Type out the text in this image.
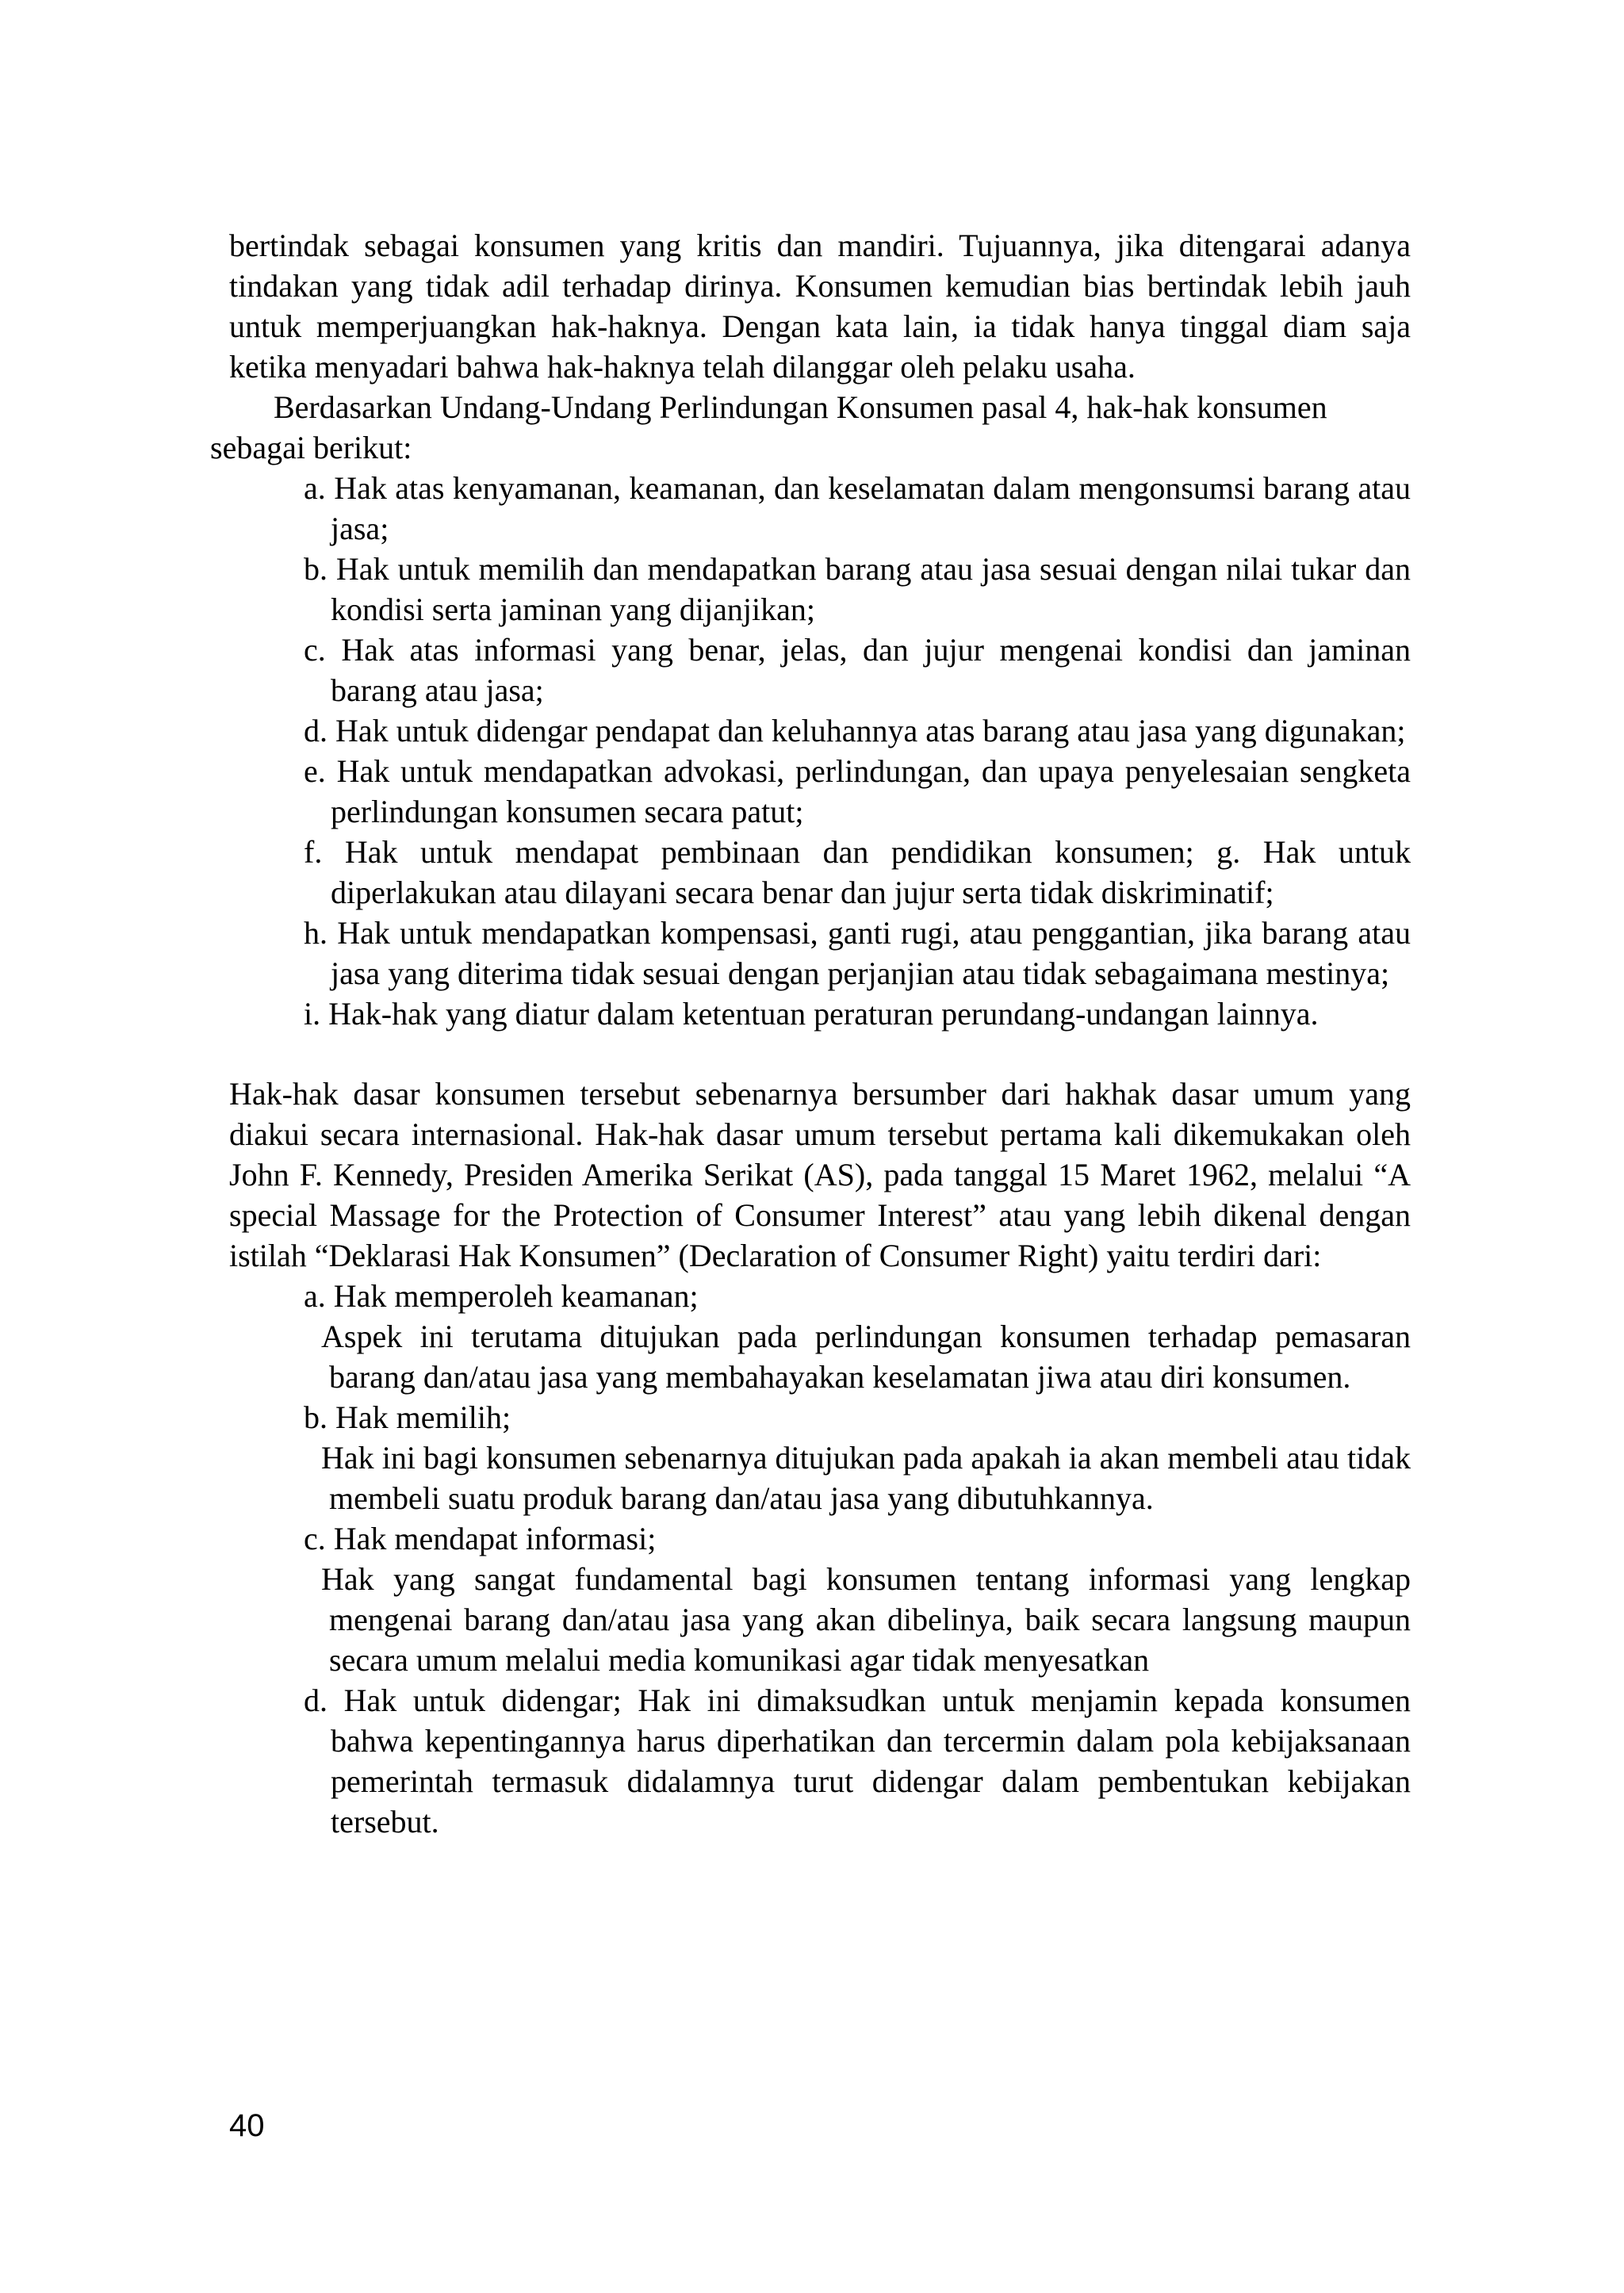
bertindak sebagai konsumen yang kritis dan mandiri. Tujuannya, jika ditengarai adanya tindakan yang tidak adil terhadap dirinya. Konsumen kemudian bias bertindak lebih jauh untuk memperjuangkan hak-haknya. Dengan kata lain, ia tidak hanya tinggal diam saja ketika menyadari bahwa hak-haknya telah dilanggar oleh pelaku usaha.

Berdasarkan Undang-Undang Perlindungan Konsumen pasal 4, hak-hak konsumen sebagai berikut:

a. Hak atas kenyamanan, keamanan, dan keselamatan dalam mengonsumsi barang atau jasa;
b. Hak untuk memilih dan mendapatkan barang atau jasa sesuai dengan nilai tukar dan kondisi serta jaminan yang dijanjikan;
c. Hak atas informasi yang benar, jelas, dan jujur mengenai kondisi dan jaminan barang atau jasa;
d. Hak untuk didengar pendapat dan keluhannya atas barang atau jasa yang digunakan;
e. Hak untuk mendapatkan advokasi, perlindungan, dan upaya penyelesaian sengketa perlindungan konsumen secara patut;
f. Hak untuk mendapat pembinaan dan pendidikan konsumen; g. Hak untuk diperlakukan atau dilayani secara benar dan jujur serta tidak diskriminatif;
h. Hak untuk mendapatkan kompensasi, ganti rugi, atau penggantian, jika barang atau jasa yang diterima tidak sesuai dengan perjanjian atau tidak sebagaimana mestinya;
i. Hak-hak yang diatur dalam ketentuan peraturan perundang-undangan lainnya.

Hak-hak dasar konsumen tersebut sebenarnya bersumber dari hakhak dasar umum yang diakui secara internasional. Hak-hak dasar umum tersebut pertama kali dikemukakan oleh John F. Kennedy, Presiden Amerika Serikat (AS), pada tanggal 15 Maret 1962, melalui “A special Massage for the Protection of Consumer Interest” atau yang lebih dikenal dengan istilah “Deklarasi Hak Konsumen” (Declaration of Consumer Right) yaitu terdiri dari:

a. Hak memperoleh keamanan;

Aspek ini terutama ditujukan pada perlindungan konsumen terhadap pemasaran barang dan/atau jasa yang membahayakan keselamatan jiwa atau diri konsumen.

b. Hak memilih;

Hak ini bagi konsumen sebenarnya ditujukan pada apakah ia akan membeli atau tidak membeli suatu produk barang dan/atau jasa yang dibutuhkannya.

c. Hak mendapat informasi;

Hak yang sangat fundamental bagi konsumen tentang informasi yang lengkap mengenai barang dan/atau jasa yang akan dibelinya, baik secara langsung maupun secara umum melalui media komunikasi agar tidak menyesatkan

d. Hak untuk didengar; Hak ini dimaksudkan untuk menjamin kepada konsumen bahwa kepentingannya harus diperhatikan dan tercermin dalam pola kebijaksanaan pemerintah termasuk didalamnya turut didengar dalam pembentukan kebijakan tersebut.
40
